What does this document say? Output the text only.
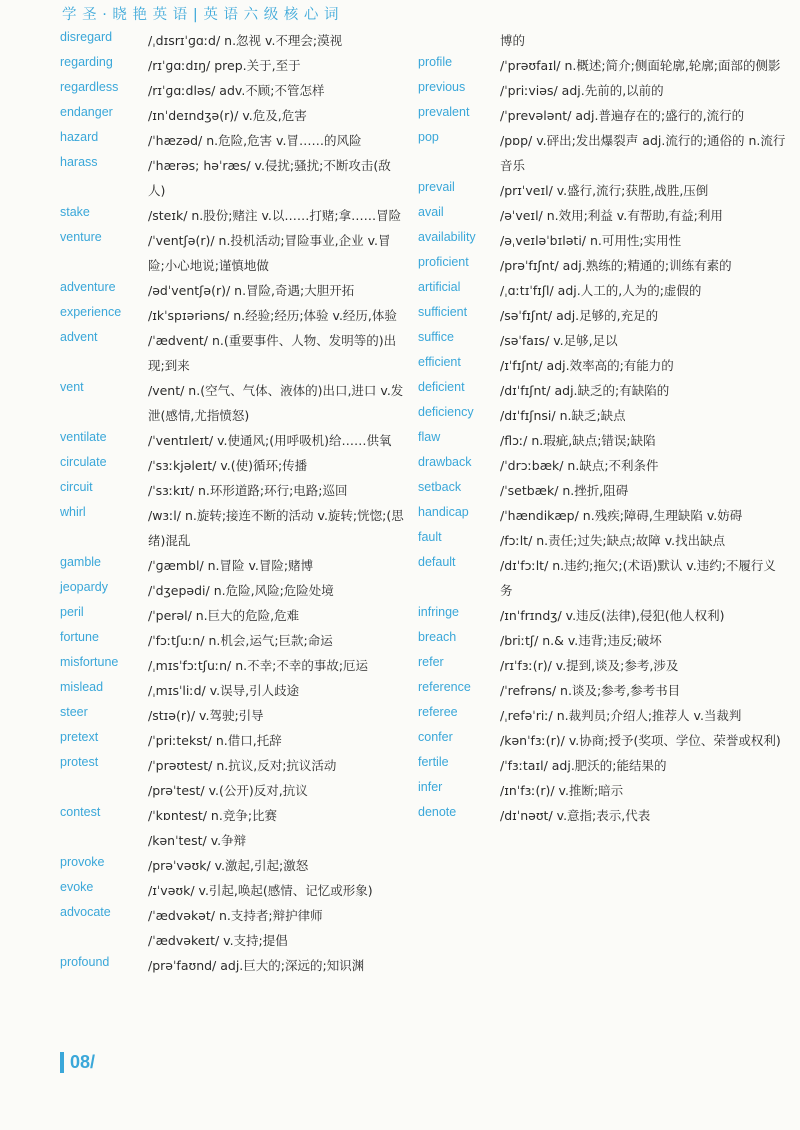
学 圣 · 晓 艳 英 语 | 英 语 六 级 核 心 词
disregard	/ˌdɪsrɪˈɡɑːd/ n.忽视 v.不理会;漠视
regarding	/rɪˈɡɑːdɪŋ/ prep.关于,至于
regardless /rɪˈɡɑːdləs/ adv.不顾;不管怎样
endanger	/ɪnˈdeɪndʒə(r)/ v.危及,危害
hazard	/ˈhæzəd/ n.危险,危害 v.冒……的风险
harass	/ˈhærəs; həˈræs/ v.侵扰;骚扰;不断攻击(敌人)
stake	/steɪk/ n.股份;赌注 v.以……打赌;拿……冒险
venture	/ˈventʃə(r)/ n.投机活动;冒险事业,企业 v.冒险;小心地说;谨慎地做
adventure	/ədˈventʃə(r)/ n.冒险,奇遇;大胆开拓
experience /ɪkˈspɪəriəns/ n.经验;经历;体验 v.经历,体验
advent	/ˈædvent/ n.(重要事件、人物、发明等的)出现;到来
vent	/vent/ n.(空气、气体、液体的)出口,进口 v.发泄(感情,尤指愤怒)
ventilate	/ˈventɪleɪt/ v.使通风;(用呼吸机)给……供氧
circulate	/ˈsɜːkjəleɪt/ v.(使)循环;传播
circuit	/ˈsɜːkɪt/ n.环形道路;环行;电路;巡回
whirl	/wɜːl/ n.旋转;接连不断的活动 v.旋转;恍惚;(思绪)混乱
gamble	/ˈɡæmbl/ n.冒险 v.冒险;赌博
jeopardy	/ˈdʒepədi/ n.危险,风险;危险处境
peril	/ˈperəl/ n.巨大的危险,危难
fortune	/ˈfɔːtʃuːn/ n.机会,运气;巨款;命运
misfortune /ˌmɪsˈfɔːtʃuːn/ n.不幸;不幸的事故;厄运
mislead	/ˌmɪsˈliːd/ v.误导,引人歧途
steer	/stɪə(r)/ v.驾驶;引导
pretext	/ˈpriːtekst/ n.借口,托辞
protest	/ˈprəʊtest/ n.抗议,反对;抗议活动
/prəˈtest/ v.(公开)反对,抗议
contest	/ˈkɒntest/ n.竞争;比赛
/kənˈtest/ v.争辩
provoke	/prəˈvəʊk/ v.激起,引起;激怒
evoke	/ɪˈvəʊk/ v.引起,唤起(感情、记忆或形象)
advocate	/ˈædvəkət/ n.支持者;辩护律师
/ˈædvəkeɪt/ v.支持;提倡
profound	/prəˈfaʊnd/ adj.巨大的;深远的;知识渊
博的
profile	/ˈprəʊfaɪl/ n.概述;简介;侧面轮廓,轮廓;面部的侧影
previous	/ˈpriːviəs/ adj.先前的,以前的
prevalent /ˈprevələnt/ adj.普遍存在的;盛行的,流行的
pop	/pɒp/ v.砰出;发出爆裂声 adj.流行的;通俗的 n.流行音乐
prevail	/prɪˈveɪl/ v.盛行,流行;获胜,战胜,压倒
avail	/əˈveɪl/ n.效用;利益 v.有帮助,有益;利用
availability /əˌveɪləˈbɪləti/ n.可用性;实用性
proficient	/prəˈfɪʃnt/ adj.熟练的;精通的;训练有素的
artificial	/ˌɑːtɪˈfɪʃl/ adj.人工的,人为的;虚假的
sufficient	/səˈfɪʃnt/ adj.足够的,充足的
suffice	/səˈfaɪs/ v.足够,足以
efficient	/ɪˈfɪʃnt/ adj.效率高的;有能力的
deficient	/dɪˈfɪʃnt/ adj.缺乏的;有缺陷的
deficiency /dɪˈfɪʃnsi/ n.缺乏;缺点
flaw	/flɔː/ n.瑕疵,缺点;错误;缺陷
drawback /ˈdrɔːbæk/ n.缺点;不利条件
setback	/ˈsetbæk/ n.挫折,阻碍
handicap	/ˈhændikæp/ n.残疾;障碍,生理缺陷 v.妨碍
fault	/fɔːlt/ n.责任;过失;缺点;故障 v.找出缺点
default	/dɪˈfɔːlt/ n.违约;拖欠;(术语)默认 v.违约;不履行义务
infringe	/ɪnˈfrɪndʒ/ v.违反(法律),侵犯(他人权利)
breach	/briːtʃ/ n.& v.违背;违反;破坏
refer	/rɪˈfɜː(r)/ v.提到,谈及;参考,涉及
reference /ˈrefrəns/ n.谈及;参考,参考书目
referee	/ˌrefəˈriː/ n.裁判员;介绍人;推荐人 v.当裁判
confer	/kənˈfɜː(r)/ v.协商;授予(奖项、学位、荣誉或权利)
fertile	/ˈfɜːtaɪl/ adj.肥沃的;能结果的
infer	/ɪnˈfɜː(r)/ v.推断;暗示
denote	/dɪˈnəʊt/ v.意指;表示,代表
08/
